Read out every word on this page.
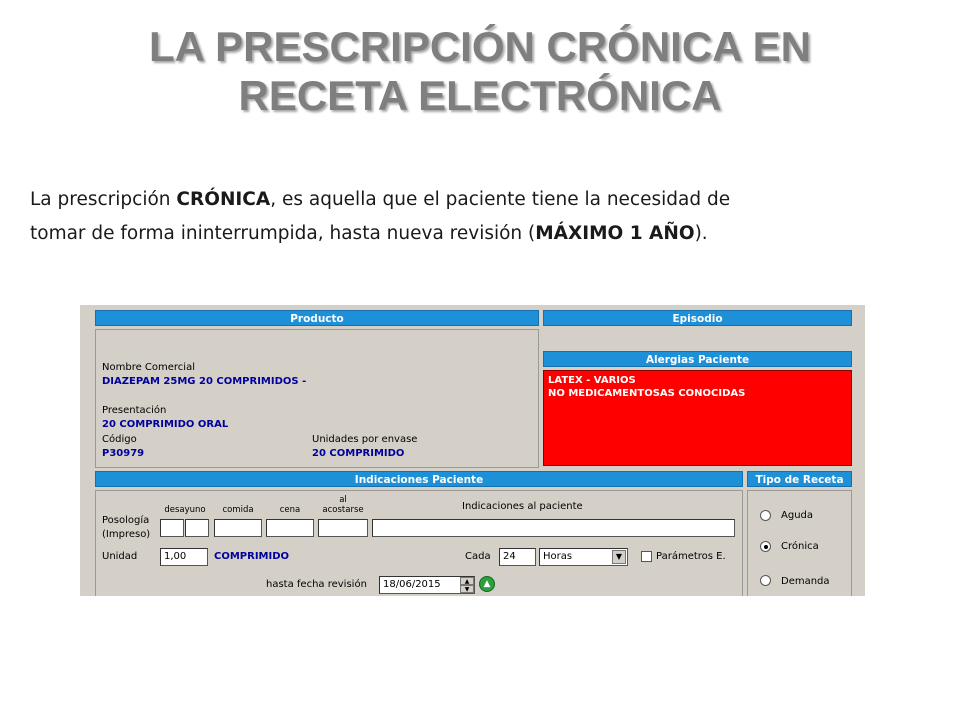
LA PRESCRIPCIÓN CRÓNICA EN
RECETA ELECTRÓNICA
La prescripción CRÓNICA, es aquella que el paciente tiene la necesidad de
tomar de forma ininterrumpida, hasta nueva revisión (MÁXIMO 1 AÑO).
Producto
Nombre Comercial
DIAZEPAM 25MG 20 COMPRIMIDOS -
Presentación
20 COMPRIMIDO ORAL
Código
P30979
Unidades por envase
20 COMPRIMIDO
Episodio
Alergias Paciente
LATEX - VARIOS
NO MEDICAMENTOSAS CONOCIDAS
Indicaciones Paciente
Posología
(Impreso)
desayuno	comida	cena
al
acostarse	Indicaciones al paciente
Unidad	1,00	COMPRIMIDO	Cada	24	Horas	▼	Parámetros E.
hasta fecha revisión	18/06/2015	▲
▼
▲
Tipo de Receta
Aguda
Crónica
Demanda
